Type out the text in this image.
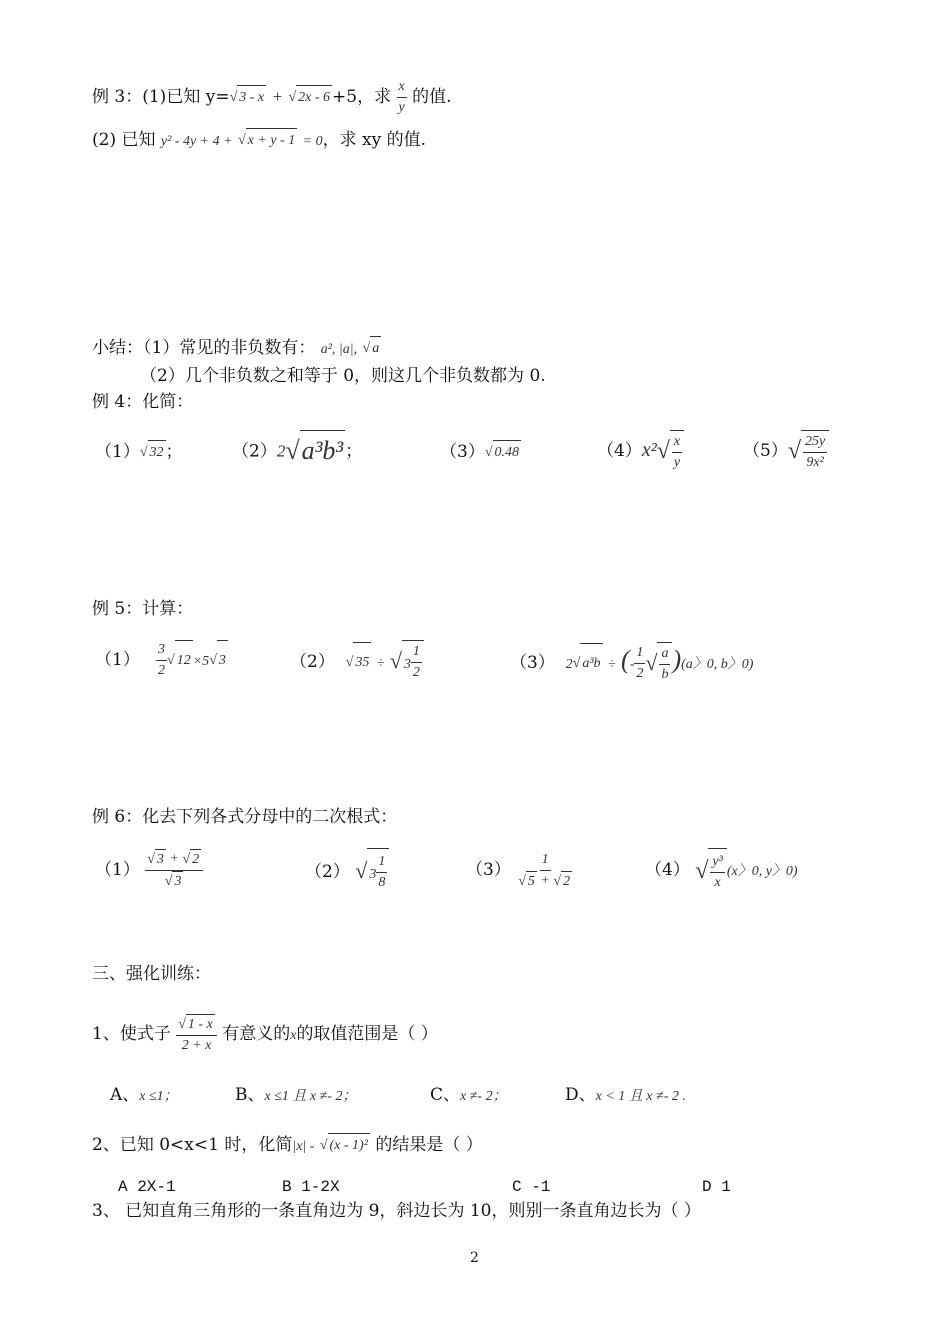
例 3：(1)已知 y=√ 3 - x + √ 2x - 6 +5，求 $\frac{x}{y}$ 的值.
(2) 已知 y² - 4y + 4 + √ x + y - 1 = 0，求 xy 的值.
小结：（1）常见的非负数有： a², |a|, √ a
（2）几个非负数之和等于 0，则这几个非负数都为 0.
例 4：化简：
（1）√ 32 ；	（2）2√a³b³ ；	（3）√ 0.48	$(4)x^2√ \frac{x}{y}$	$(5)√ \frac{25y}{\text{9x²}}$
例 5：计算：
$(1) \frac{3}{2}$ √ 12 ×5√ 3	（2） √ 35 ÷ √ $3 \frac{1}{2}$	（3） 2√ a³b ÷ (- $\frac{1}{2}$ √ $\frac{a}{b} )(a$〉0, b〉0)
例 6：化去下列各式分母中的二次根式：
$(1) \frac{√ 3 + √ 2}{√ 3}$	（2） √ $3 \frac{1}{8}$	$(3) \frac{1}{√ 5 + √ 2}$	（4） √ $\frac{\text{y³}}{x} (x$〉0, y〉0)
三、强化训练：
1、使式子 $\frac{√ 1 - x}{2 + x}$ 有意义的x的取值范围是（ ）
A、x ≤1；	B、x ≤1 且 x ≠- 2；	C、x ≠- 2；	D、x < 1 且 x ≠- 2 .
2、已知 0<x<1 时，化简|x| - √ (x - 1)² 的结果是（ ）
A 2X-1	B 1-2X	C -1	D 1
3、 已知直角三角形的一条直角边为 9，斜边长为 10，则别一条直角边长为（ ）
2
